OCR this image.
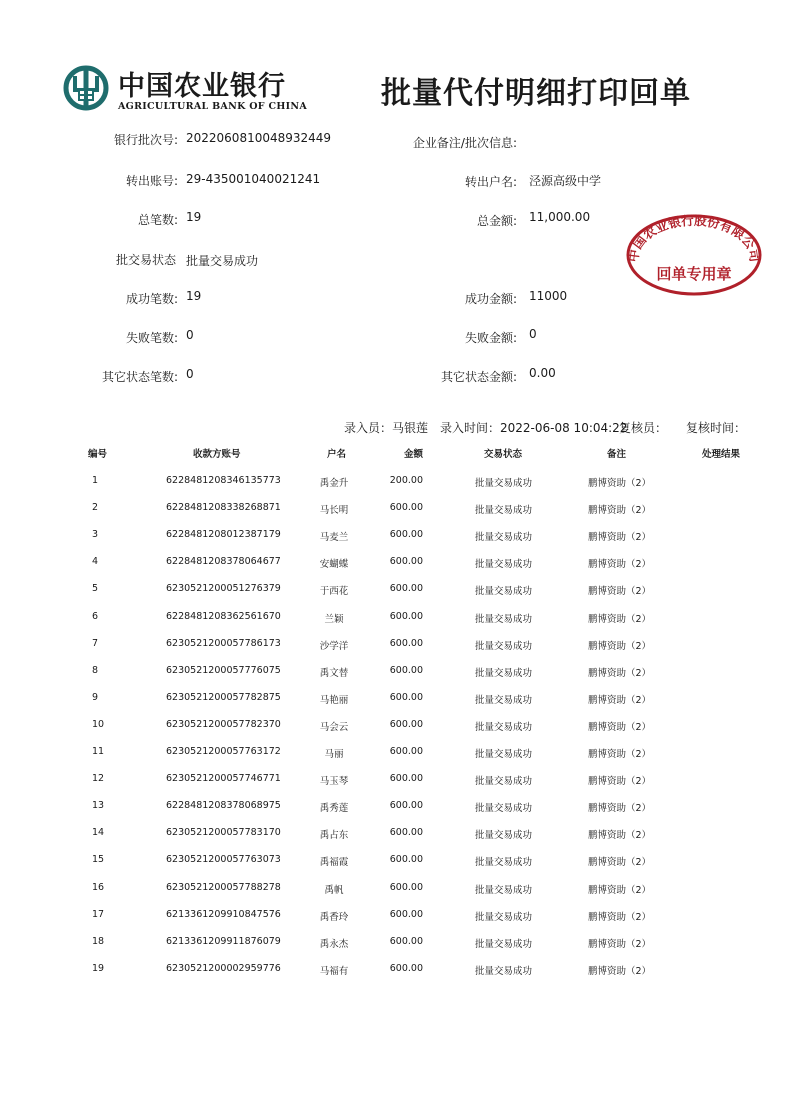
中国农业银行
AGRICULTURAL BANK OF CHINA 批量代付明细打印回单
银行批次号: 2022060810048932449
转出账号: 29-435001040021241
总笔数: 19
批交易状态 批量交易成功
成功笔数: 19
失败笔数: 0
其它状态笔数: 0
企业备注/批次信息:
转出户名: 泾源高级中学
总金额: 11,000.00
成功金额: 11000
失败金额: 0
其它状态金额: 0.00
中国农业银行股份有限公司
回单专用章
录入员：马银莲 录入时间：2022-06-08 10:04:22
复核员： 复核时间：
编号	收款方账号	户名	金额	交易状态	备注	处理结果
1	6228481208346135773	禹金升	200.00	批量交易成功	鹏博资助（2）
2	6228481208338268871	马长明	600.00	批量交易成功	鹏博资助（2）
3	6228481208012387179	马麦兰	600.00	批量交易成功	鹏博资助（2）
4	6228481208378064677	安蝴蝶	600.00	批量交易成功	鹏博资助（2）
5	6230521200051276379	于西花	600.00	批量交易成功	鹏博资助（2）
6	6228481208362561670	兰颖	600.00	批量交易成功	鹏博资助（2）
7	6230521200057786173	沙学洋	600.00	批量交易成功	鹏博资助（2）
8	6230521200057776075	禹文替	600.00	批量交易成功	鹏博资助（2）
9	6230521200057782875	马艳丽	600.00	批量交易成功	鹏博资助（2）
10	6230521200057782370	马会云	600.00	批量交易成功	鹏博资助（2）
11	6230521200057763172	马丽	600.00	批量交易成功	鹏博资助（2）
12	6230521200057746771	马玉琴	600.00	批量交易成功	鹏博资助（2）
13	6228481208378068975	禹秀莲	600.00	批量交易成功	鹏博资助（2）
14	6230521200057783170	禹占东	600.00	批量交易成功	鹏博资助（2）
15	6230521200057763073	禹福霞	600.00	批量交易成功	鹏博资助（2）
16	6230521200057788278	禹帆	600.00	批量交易成功	鹏博资助（2）
17	6213361209910847576	禹香玲	600.00	批量交易成功	鹏博资助（2）
18	6213361209911876079	禹永杰	600.00	批量交易成功	鹏博资助（2）
19	6230521200002959776	马福有	600.00	批量交易成功	鹏博资助（2）
